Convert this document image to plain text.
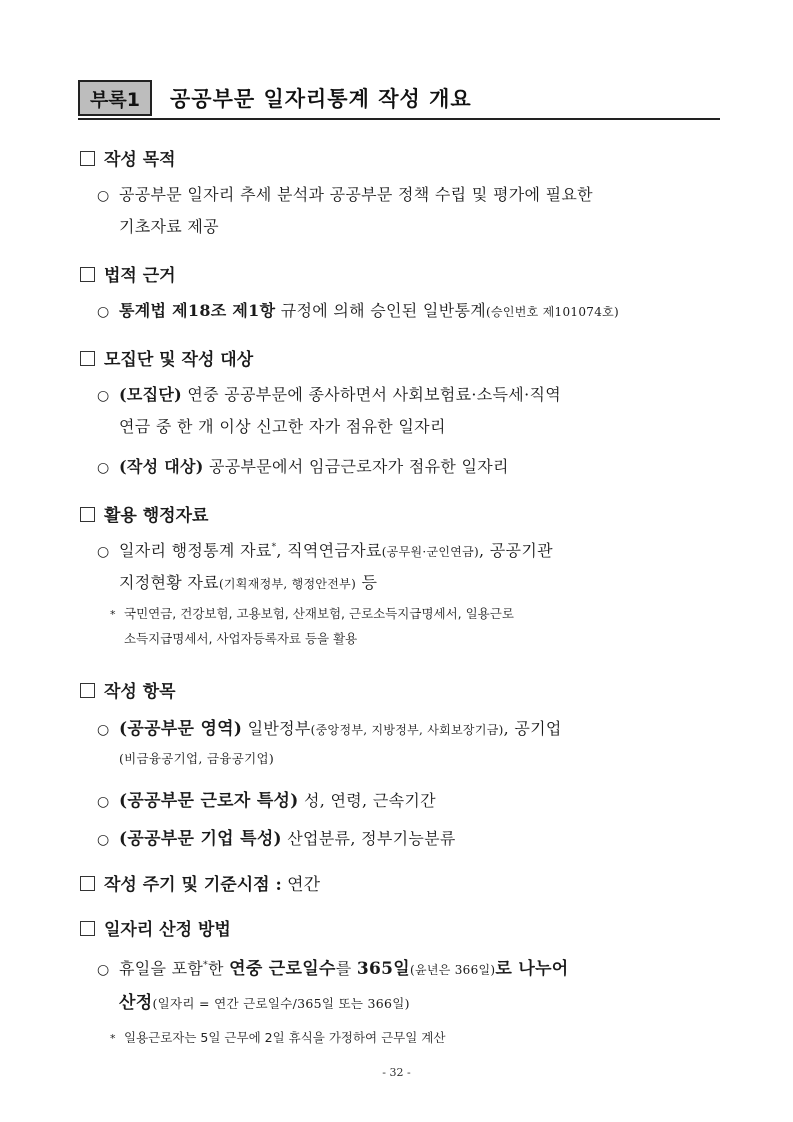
부록1	공공부문 일자리통계 작성 개요
작성 목적
○ 공공부문 일자리 추세 분석과 공공부문 정책 수립 및 평가에 필요한
기초자료 제공
법적 근거
○ 통계법 제18조 제1항 규정에 의해 승인된 일반통계(승인번호 제101074호)
모집단 및 작성 대상
○ (모집단) 연중 공공부문에 종사하면서 사회보험료·소득세·직역
연금 중 한 개 이상 신고한 자가 점유한 일자리
○ (작성 대상) 공공부문에서 임금근로자가 점유한 일자리
활용 행정자료
○ 일자리 행정통계 자료*, 직역연금자료(공무원·군인연금), 공공기관
지정현황 자료(기획재정부, 행정안전부) 등
* 국민연금, 건강보험, 고용보험, 산재보험, 근로소득지급명세서, 일용근로
소득지급명세서, 사업자등록자료 등을 활용
작성 항목
○ (공공부문 영역) 일반정부(중앙정부, 지방정부, 사회보장기금), 공기업
(비금융공기업, 금융공기업)
○ (공공부문 근로자 특성) 성, 연령, 근속기간
○ (공공부문 기업 특성) 산업분류, 정부기능분류
작성 주기 및 기준시점 : 연간
일자리 산정 방법
○ 휴일을 포함*한 연중 근로일수를 365일(윤년은 366일)로 나누어
산정(일자리 = 연간 근로일수/365일 또는 366일)
* 일용근로자는 5일 근무에 2일 휴식을 가정하여 근무일 계산
- 32 -
